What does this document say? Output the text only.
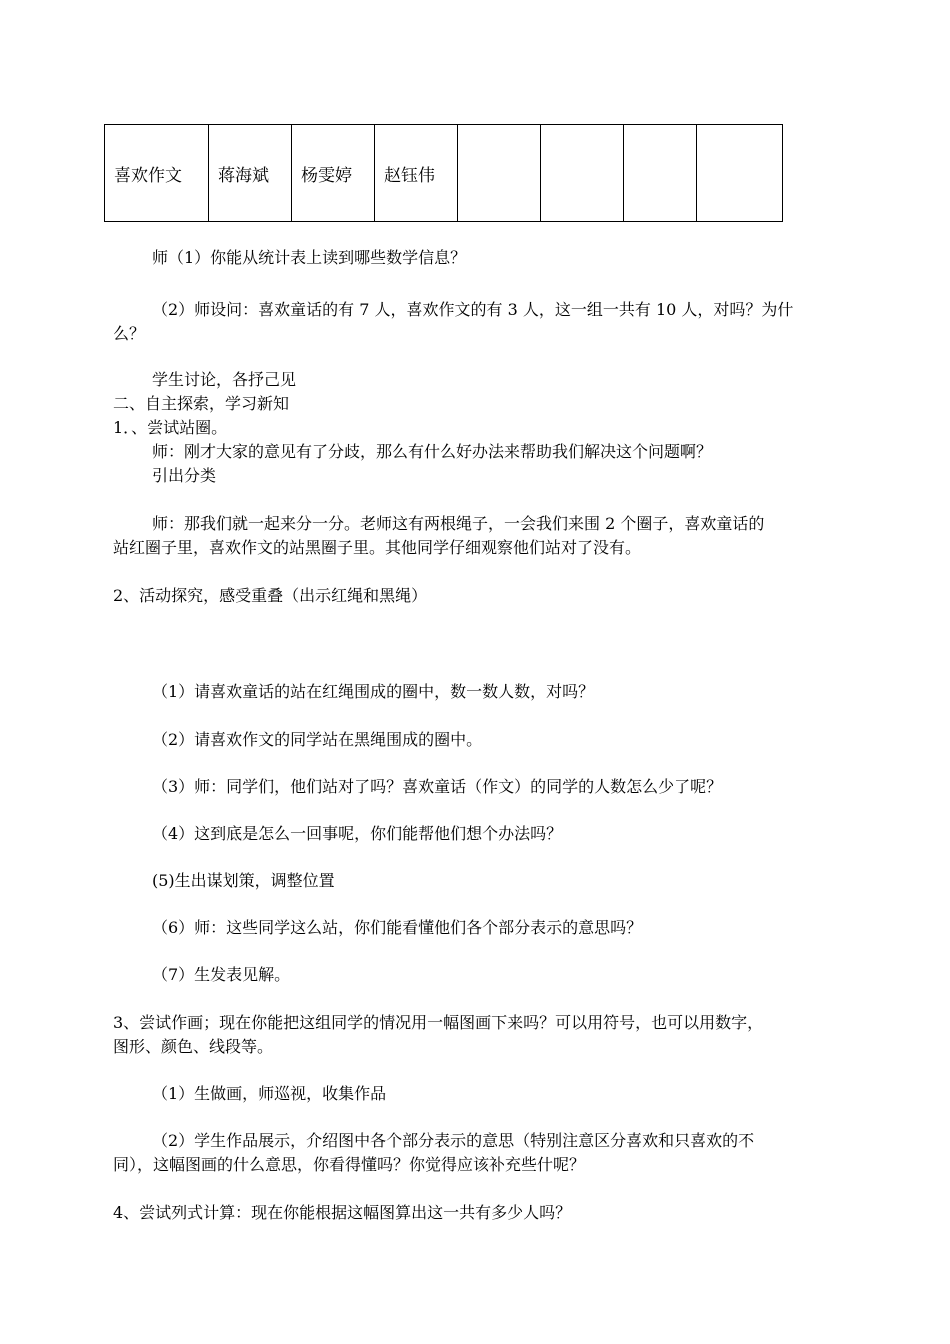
喜欢作文	蒋海斌	杨雯婷	赵钰伟				

师（1）你能从统计表上读到哪些数学信息？

（2）师设问：喜欢童话的有 7 人，喜欢作文的有 3 人，这一组一共有 10 人，对吗？为什

么？

学生讨论，各抒己见

二、自主探索，学习新知

1．、尝试站圈。

师：刚才大家的意见有了分歧，那么有什么好办法来帮助我们解决这个问题啊？

引出分类

师：那我们就一起来分一分。老师这有两根绳子，一会我们来围 2 个圈子，喜欢童话的

站红圈子里，喜欢作文的站黑圈子里。其他同学仔细观察他们站对了没有。

2、活动探究，感受重叠（出示红绳和黑绳）

（1）请喜欢童话的站在红绳围成的圈中，数一数人数，对吗？

（2）请喜欢作文的同学站在黑绳围成的圈中。

（3）师：同学们，他们站对了吗？喜欢童话（作文）的同学的人数怎么少了呢？

（4）这到底是怎么一回事呢，你们能帮他们想个办法吗？

(5)生出谋划策，调整位置

（6）师：这些同学这么站，你们能看懂他们各个部分表示的意思吗？

（7）生发表见解。

3、尝试作画；现在你能把这组同学的情况用一幅图画下来吗？可以用符号，也可以用数字，

图形、颜色、线段等。

（1）生做画，师巡视，收集作品

（2）学生作品展示，介绍图中各个部分表示的意思（特别注意区分喜欢和只喜欢的不

同），这幅图画的什么意思，你看得懂吗？你觉得应该补充些什呢？

4、尝试列式计算：现在你能根据这幅图算出这一共有多少人吗？
